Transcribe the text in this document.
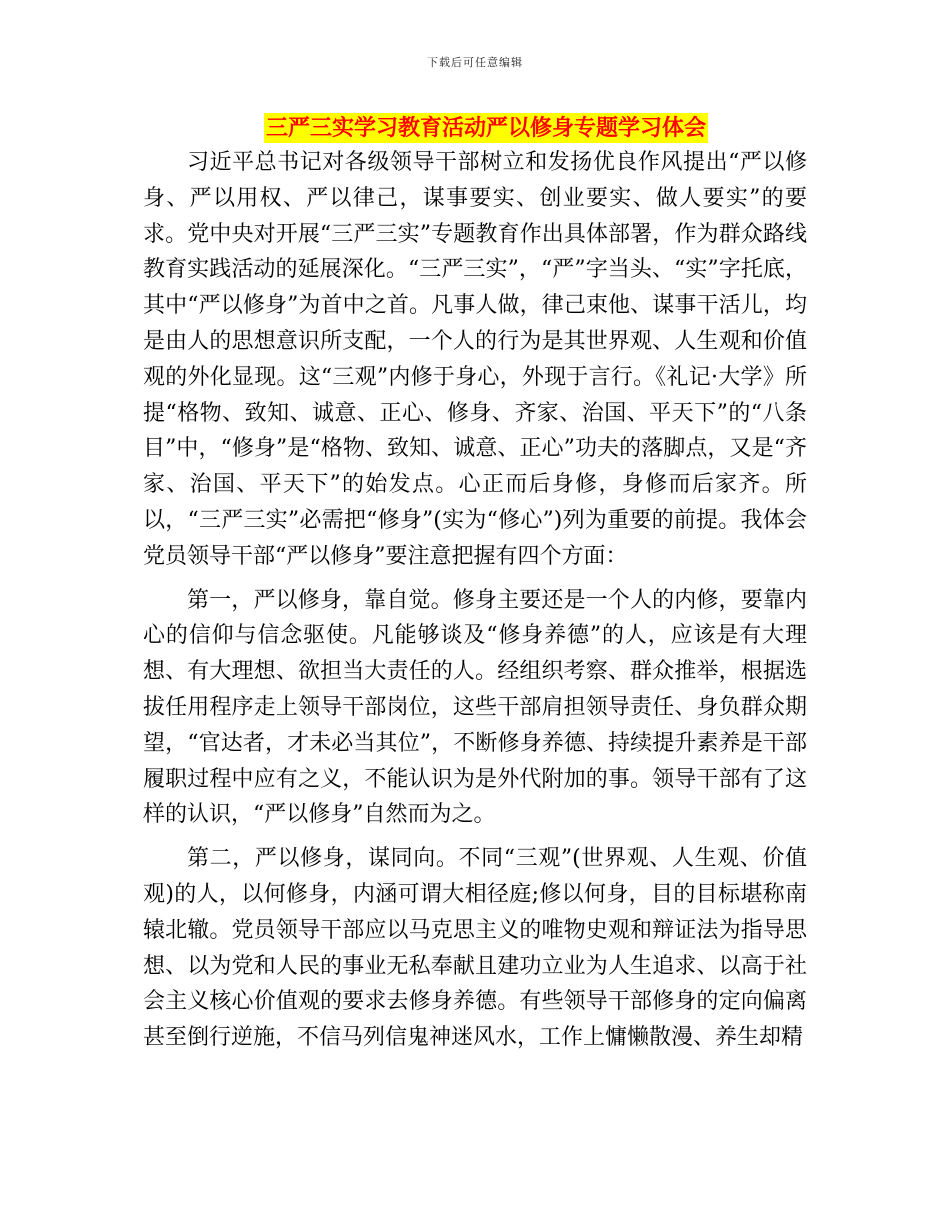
下载后可任意编辑
三严三实学习教育活动严以修身专题学习体会

习近平总书记对各级领导干部树立和发扬优良作风提出“严以修身、严以用权、严以律己，谋事要实、创业要实、做人要实”的要求。党中央对开展“三严三实”专题教育作出具体部署，作为群众路线教育实践活动的延展深化。“三严三实”，“严”字当头、“实”字托底，其中“严以修身”为首中之首。凡事人做，律己束他、谋事干活儿，均是由人的思想意识所支配，一个人的行为是其世界观、人生观和价值观的外化显现。这“三观”内修于身心，外现于言行。《礼记·大学》所提“格物、致知、诚意、正心、修身、齐家、治国、平天下”的“八条目”中，“修身”是“格物、致知、诚意、正心”功夫的落脚点，又是“齐家、治国、平天下”的始发点。心正而后身修，身修而后家齐。所以，“三严三实”必需把“修身”(实为“修心”)列为重要的前提。我体会党员领导干部“严以修身”要注意把握有四个方面：

第一，严以修身，靠自觉。修身主要还是一个人的内修，要靠内心的信仰与信念驱使。凡能够谈及“修身养德”的人，应该是有大理想、有大理想、欲担当大责任的人。经组织考察、群众推举，根据选拔任用程序走上领导干部岗位，这些干部肩担领导责任、身负群众期望，“官达者，才未必当其位”，不断修身养德、持续提升素养是干部履职过程中应有之义，不能认识为是外代附加的事。领导干部有了这样的认识，“严以修身”自然而为之。

第二，严以修身，谋同向。不同“三观”(世界观、人生观、价值观)的人，以何修身，内涵可谓大相径庭;修以何身，目的目标堪称南辕北辙。党员领导干部应以马克思主义的唯物史观和辩证法为指导思想、以为党和人民的事业无私奉献且建功立业为人生追求、以高于社会主义核心价值观的要求去修身养德。有些领导干部修身的定向偏离甚至倒行逆施，不信马列信鬼神迷风水，工作上慵懒散漫、养生却精
